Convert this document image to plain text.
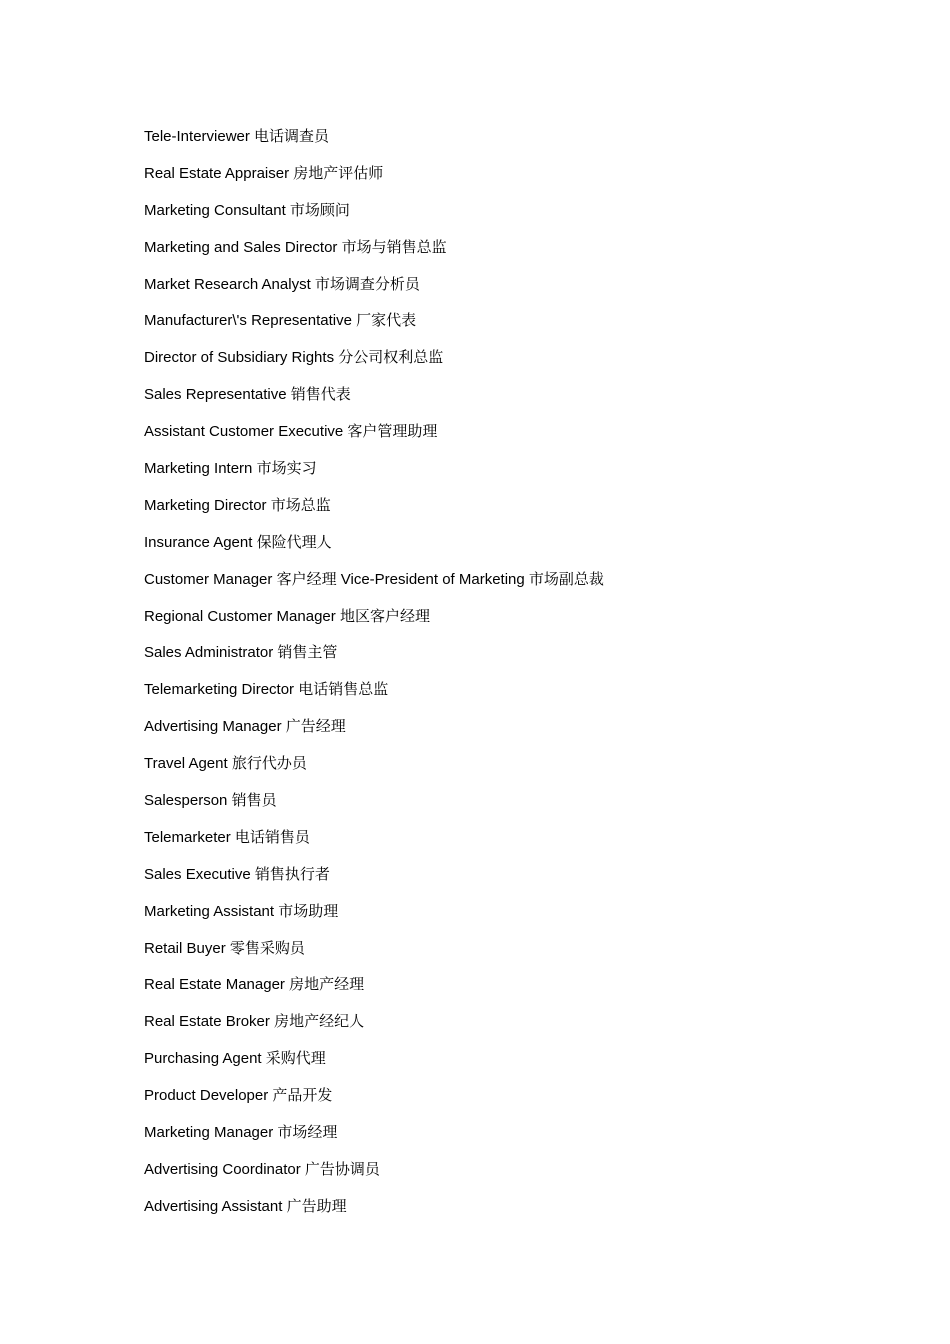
Tele-Interviewer 电话调查员
Real Estate Appraiser 房地产评估师
Marketing Consultant 市场顾问
Marketing and Sales Director 市场与销售总监
Market Research Analyst 市场调查分析员
Manufacturer\'s Representative 厂家代表
Director of Subsidiary Rights 分公司权利总监
Sales Representative 销售代表
Assistant Customer Executive 客户管理助理
Marketing Intern 市场实习
Marketing Director 市场总监
Insurance Agent 保险代理人
Customer Manager 客户经理 Vice-President of Marketing 市场副总裁
Regional Customer Manager 地区客户经理
Sales Administrator 销售主管
Telemarketing Director 电话销售总监
Advertising Manager 广告经理
Travel Agent 旅行代办员
Salesperson 销售员
Telemarketer 电话销售员
Sales Executive 销售执行者
Marketing Assistant 市场助理
Retail Buyer 零售采购员
Real Estate Manager 房地产经理
Real Estate Broker 房地产经纪人
Purchasing Agent 采购代理
Product Developer 产品开发
Marketing Manager 市场经理
Advertising Coordinator 广告协调员
Advertising Assistant 广告助理
